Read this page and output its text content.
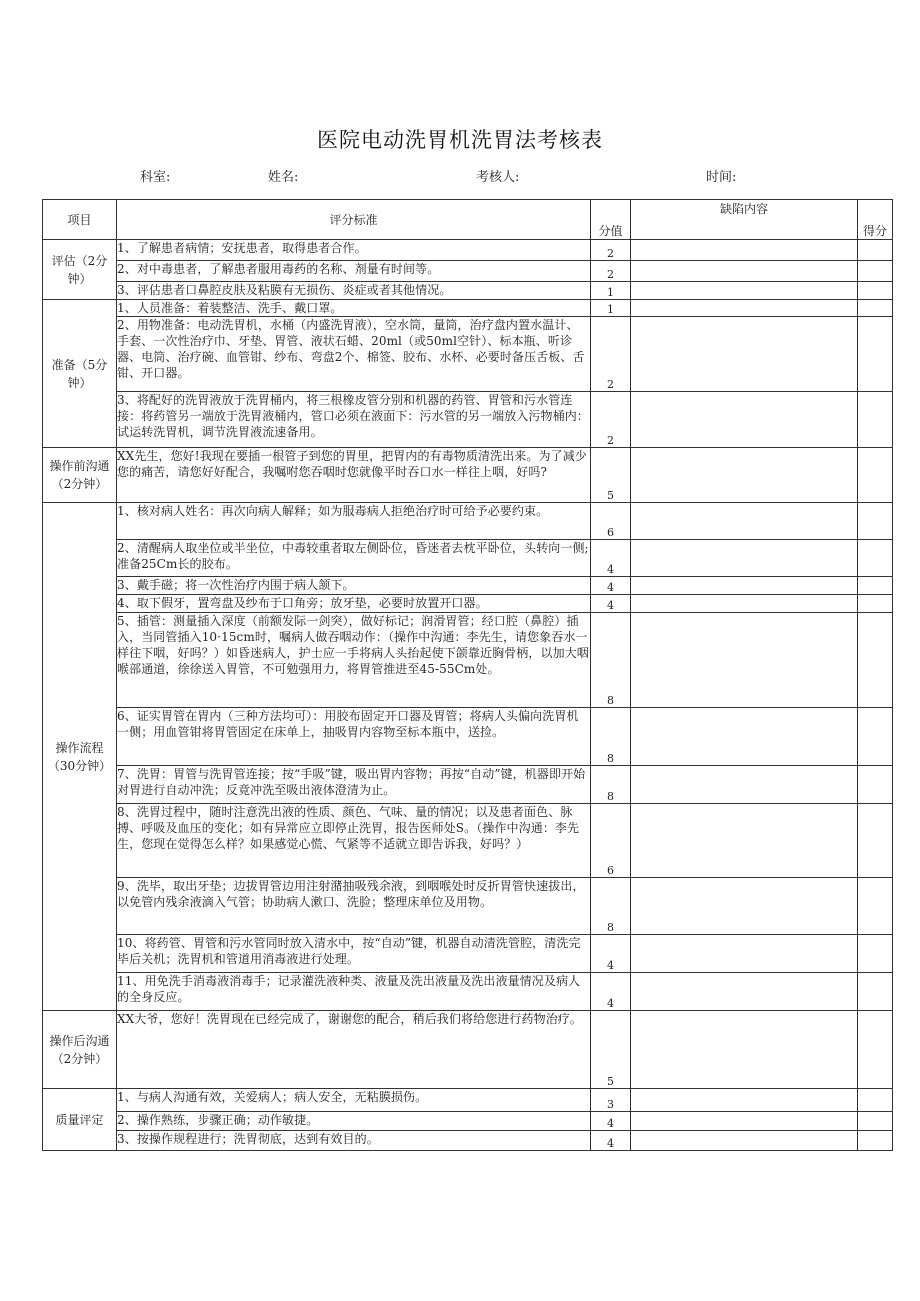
医院电动洗胃机洗胃法考核表
科室:	姓名:	考核人:	时间:
项目	评分标准	分值	缺陷内容	得分
评估（2分钟）	1、了解患者病情；安抚患者，取得患者合作。	2		
	2、对中毒患者，了解患者服用毒药的名称、剂量有时间等。	2		
	3、评估患者口鼻腔皮肤及粘膜有无损伤、炎症或者其他情况。	1		
准备（5分钟）	1、人员准备：着装整洁、洗手、戴口罩。	1		
	2、用物准备：电动洗胃机，水桶（内盛洗胃液），空水筒，量筒，治疗盘内置水温计、手套、一次性治疗巾、牙垫、胃管、液状石蜡、20ml（或50ml空针）、标本瓶、听诊器、电筒、治疗碗、血管钳、纱布、弯盘2个、棉签、胶布、水杯、必要时备压舌板、舌钳、开口器。	2		
	3、将配好的洗胃液放于洗胃桶内，将三根橡皮管分别和机器的药管、胃管和污水管连接：将药管另一端放于洗胃液桶内，管口必须在液面下：污水管的另一端放入污物桶内：试运转洗胃机，调节洗胃液流速备用。	2		
操作前沟通（2分钟）	XX先生，您好!我现在要插一根管子到您的胃里，把胃内的有毒物质清洗出来。为了减少您的痛苦，请您好好配合，我嘱咐您吞咽时您就像平时吞口水一样往上咽，好吗?	5		
操作流程（30分钟）	1、核对病人姓名：再次向病人解释；如为服毒病人拒绝治疗时可给予必要约束。	6		
	2、清醒病人取坐位或半坐位，中毒较重者取左侧卧位，昏迷者去枕平卧位，头转向一侧;准备25Cm长的胶布。	4		
	3、戴手磁；将一次性治疗内围于病人颔下。	4		
	4、取下假牙，置弯盘及纱布于口角旁；放牙垫，必要时放置开口器。	4		
	5、插管：测量插入深度（前额发际一剑突），做好标记；润滑胃管；经口腔（鼻腔）插入，当同管插入10·15cm时，嘱病人做吞咽动作：（操作中沟通：李先生，请您象吞水一样往下咽，好吗？）如昏迷病人，护士应一手将病人头抬起使下颌靠近胸骨柄，以加大咽喉部通道，徐徐送入胃管，不可勉强用力，将胃管推进至45-55Cm处。	8		
	6、证实胃管在胃内（三种方法均可）：用胶布固定开口器及胃管；将病人头偏向洗胃机一侧；用血管钳将胃管固定在床单上，抽吸胃内容物至标本瓶中，送捡。	8		
	7、洗胃：胃管与洗胃管连接；按“手吸”键，吸出胃内容物；再按“自动”键，机器即开始对胃进行自动冲洗；反竟冲洗至吸出液体澄清为止。	8		
	8、洗胃过程中，随时注意洗出液的性质、颜色、气味、量的情况；以及患者面色、脉搏、呼吸及血压的变化；如有异常应立即停止洗胃，报告医师处S。（操作中沟通：李先生，您现在觉得怎么样？如果感觉心慌、气紧等不适就立即告诉我，好吗？）	6		
	9、洗毕，取出牙垫；边拔胃管边用注射潴抽吸残余液，到咽喉处时反折胃管快速拔出，以免管内残余液滴入气管；协助病人漱口、洗脸；整理床单位及用物。	8		
	10、将药管、胃管和污水管同时放入清水中，按“自动”键，机器自动清洗管腔，清洗完毕后关机；洗胃机和管道用消毒液进行处理。	4		
	11、用免洗手消毒液消毒手；记录灌洗液种类、液量及洗出液量及洗出液量情况及病人的全身反应。	4		
操作后沟通（2分钟）	XX大爷，您好！洗胃现在已经完成了，谢谢您的配合，稍后我们将给您进行药物治疗。	5		
质量评定	1、与病人沟通有效，关爱病人；病人安全，无粘膜损伤。	3		
	2、操作熟练，步骤正确；动作敏捷。	4		
	3、按操作规程进行；洗胃彻底，达到有效目的。	4		
